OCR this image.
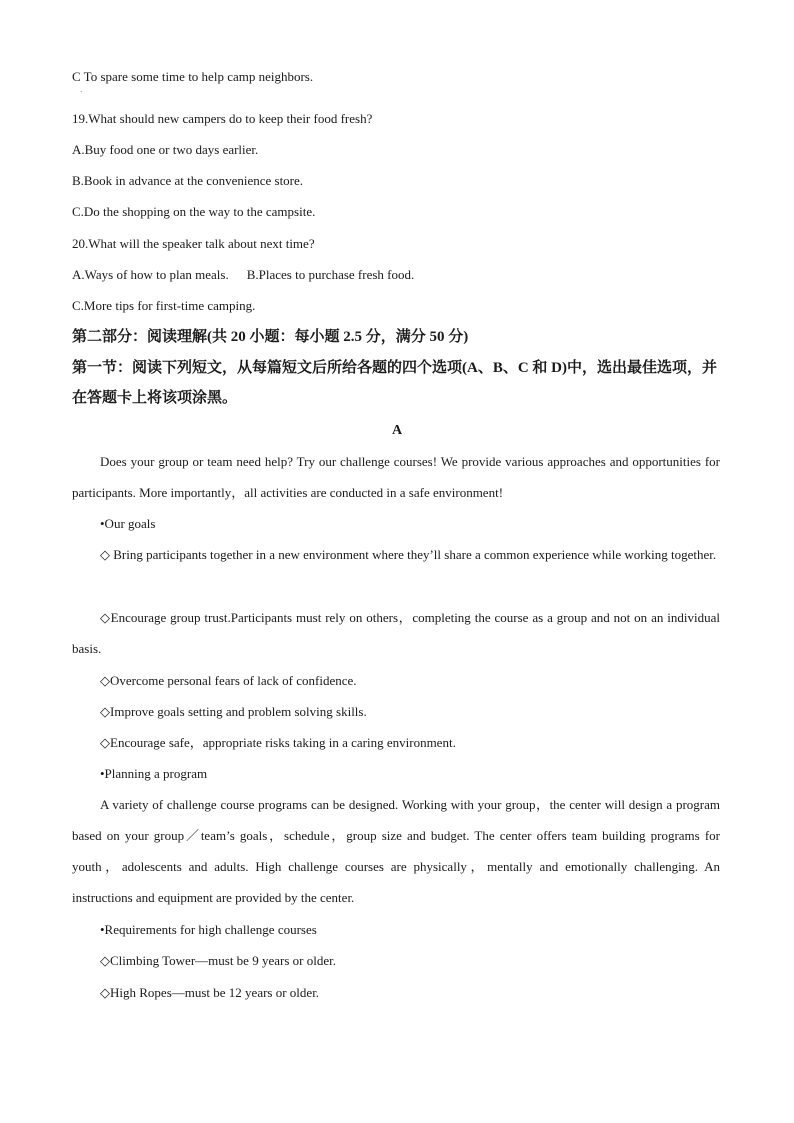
C To spare some time to help camp neighbors.
·
19.What should new campers do to keep their food fresh?
A.Buy food one or two days earlier.
B.Book in advance at the convenience store.
C.Do the shopping on the way to the campsite.
20.What will the speaker talk about next time?
A.Ways of how to plan meals. B.Places to purchase fresh food.
C.More tips for first-time camping.
第二部分：阅读理解(共 20 小题：每小题 2.5 分，满分 50 分)
第一节：阅读下列短文，从每篇短文后所给各题的四个选项(A、B、C 和 D)中，选出最佳选项，并在答题卡上将该项涂黑。
A
Does your group or team need help? Try our challenge courses! We provide various approaches and opportunities for participants. More importantly，all activities are conducted in a safe environment!
•Our goals
◇ Bring participants together in a new environment where they’ll share a common experience while working together.
◇Encourage group trust.Participants must rely on others，completing the course as a group and not on an individual basis.
◇Overcome personal fears of lack of confidence.
◇Improve goals setting and problem solving skills.
◇Encourage safe，appropriate risks taking in a caring environment.
•Planning a program
A variety of challenge course programs can be designed. Working with your group，the center will design a program based on your group／team’s goals，schedule，group size and budget. The center offers team building programs for youth，adolescents and adults. High challenge courses are physically，mentally and emotionally challenging. An instructions and equipment are provided by the center.
•Requirements for high challenge courses
◇Climbing Tower—must be 9 years or older.
◇High Ropes—must be 12 years or older.
